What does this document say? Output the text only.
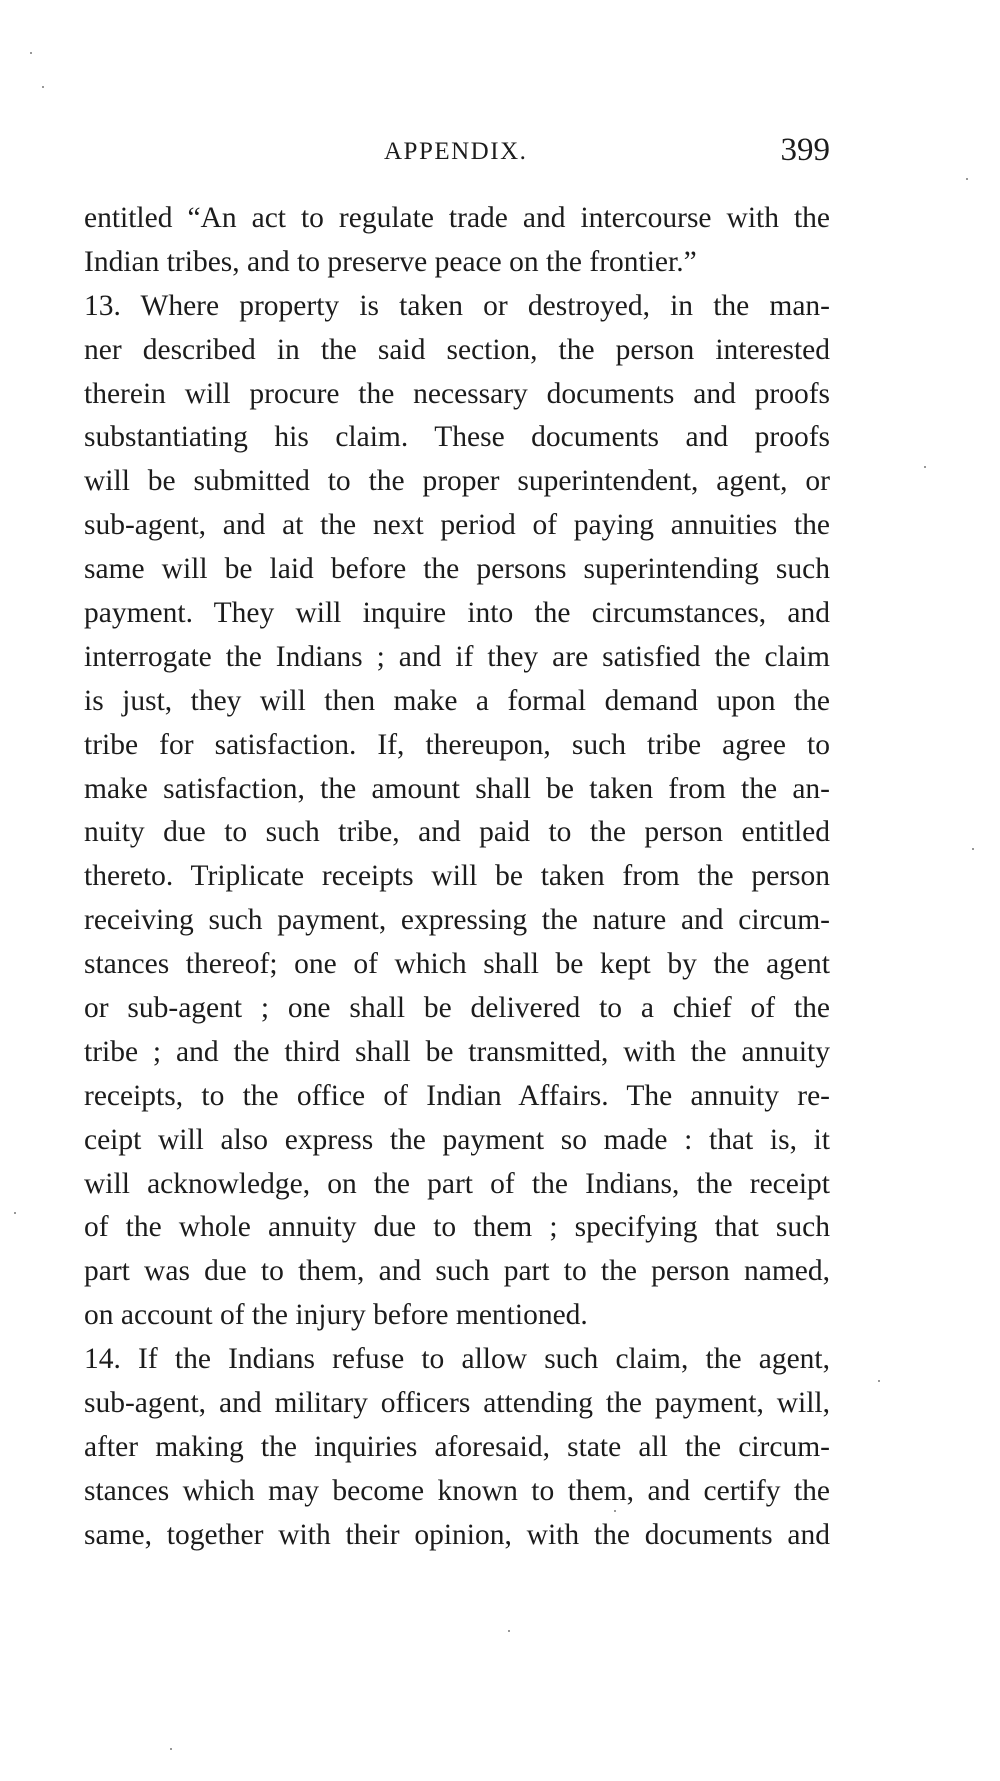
APPENDIX.	399
entitled “An act to regulate trade and intercourse with the
Indian tribes, and to preserve peace on the frontier.”
13. Where property is taken or destroyed, in the man-
ner described in the said section, the person interested
therein will procure the necessary documents and proofs
substantiating his claim. These documents and proofs
will be submitted to the proper superintendent, agent, or
sub-agent, and at the next period of paying annuities the
same will be laid before the persons superintending such
payment. They will inquire into the circumstances, and
interrogate the Indians ; and if they are satisfied the claim
is just, they will then make a formal demand upon the
tribe for satisfaction. If, thereupon, such tribe agree to
make satisfaction, the amount shall be taken from the an-
nuity due to such tribe, and paid to the person entitled
thereto. Triplicate receipts will be taken from the person
receiving such payment, expressing the nature and circum-
stances thereof; one of which shall be kept by the agent
or sub-agent ; one shall be delivered to a chief of the
tribe ; and the third shall be transmitted, with the annuity
receipts, to the office of Indian Affairs. The annuity re-
ceipt will also express the payment so made : that is, it
will acknowledge, on the part of the Indians, the receipt
of the whole annuity due to them ; specifying that such
part was due to them, and such part to the person named,
on account of the injury before mentioned.
14. If the Indians refuse to allow such claim, the agent,
sub-agent, and military officers attending the payment, will,
after making the inquiries aforesaid, state all the circum-
stances which may become known to them, and certify the
same, together with their opinion, with the documents and
